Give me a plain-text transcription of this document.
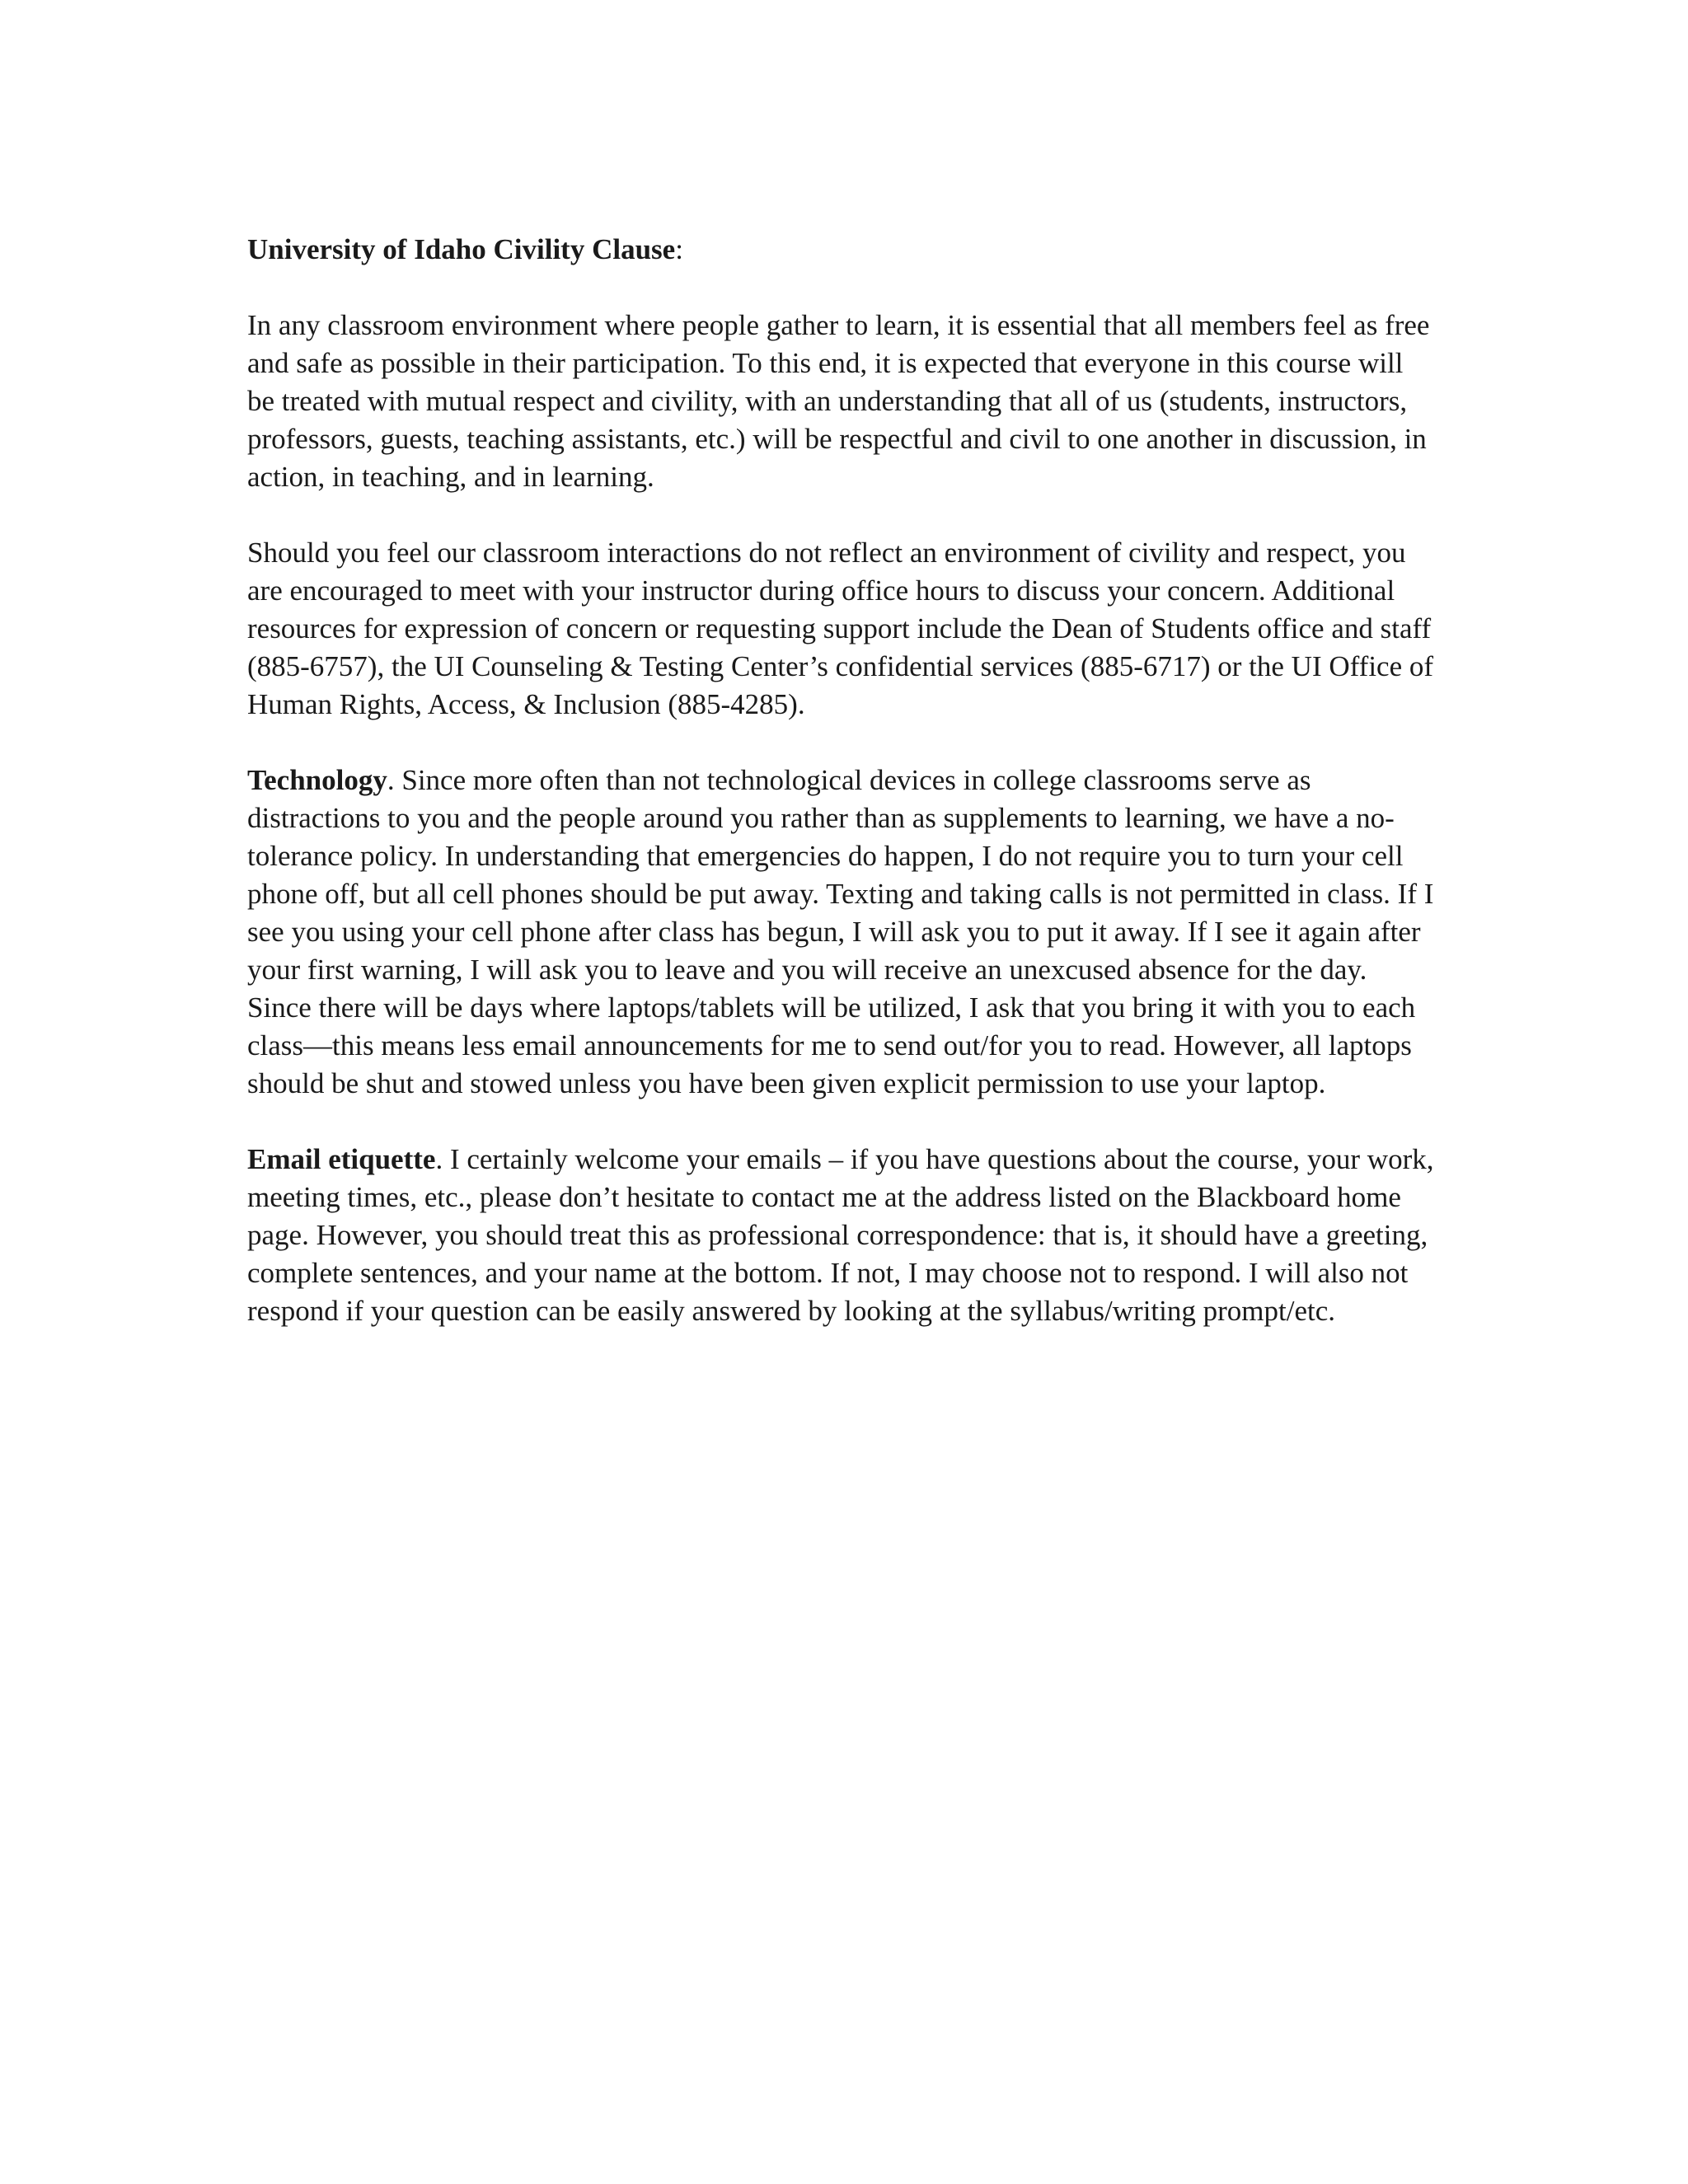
University of Idaho Civility Clause:

In any classroom environment where people gather to learn, it is essential that all members feel as free and safe as possible in their participation. To this end, it is expected that everyone in this course will be treated with mutual respect and civility, with an understanding that all of us (students, instructors, professors, guests, teaching assistants, etc.) will be respectful and civil to one another in discussion, in action, in teaching, and in learning.

Should you feel our classroom interactions do not reflect an environment of civility and respect, you are encouraged to meet with your instructor during office hours to discuss your concern. Additional resources for expression of concern or requesting support include the Dean of Students office and staff (885-6757), the UI Counseling & Testing Center’s confidential services (885-6717) or the UI Office of Human Rights, Access, & Inclusion (885-4285).

Technology. Since more often than not technological devices in college classrooms serve as distractions to you and the people around you rather than as supplements to learning, we have a no-tolerance policy. In understanding that emergencies do happen, I do not require you to turn your cell phone off, but all cell phones should be put away. Texting and taking calls is not permitted in class. If I see you using your cell phone after class has begun, I will ask you to put it away. If I see it again after your first warning, I will ask you to leave and you will receive an unexcused absence for the day. Since there will be days where laptops/tablets will be utilized, I ask that you bring it with you to each class—this means less email announcements for me to send out/for you to read. However, all laptops should be shut and stowed unless you have been given explicit permission to use your laptop.

Email etiquette. I certainly welcome your emails – if you have questions about the course, your work, meeting times, etc., please don’t hesitate to contact me at the address listed on the Blackboard home page. However, you should treat this as professional correspondence: that is, it should have a greeting, complete sentences, and your name at the bottom. If not, I may choose not to respond. I will also not respond if your question can be easily answered by looking at the syllabus/writing prompt/etc.
